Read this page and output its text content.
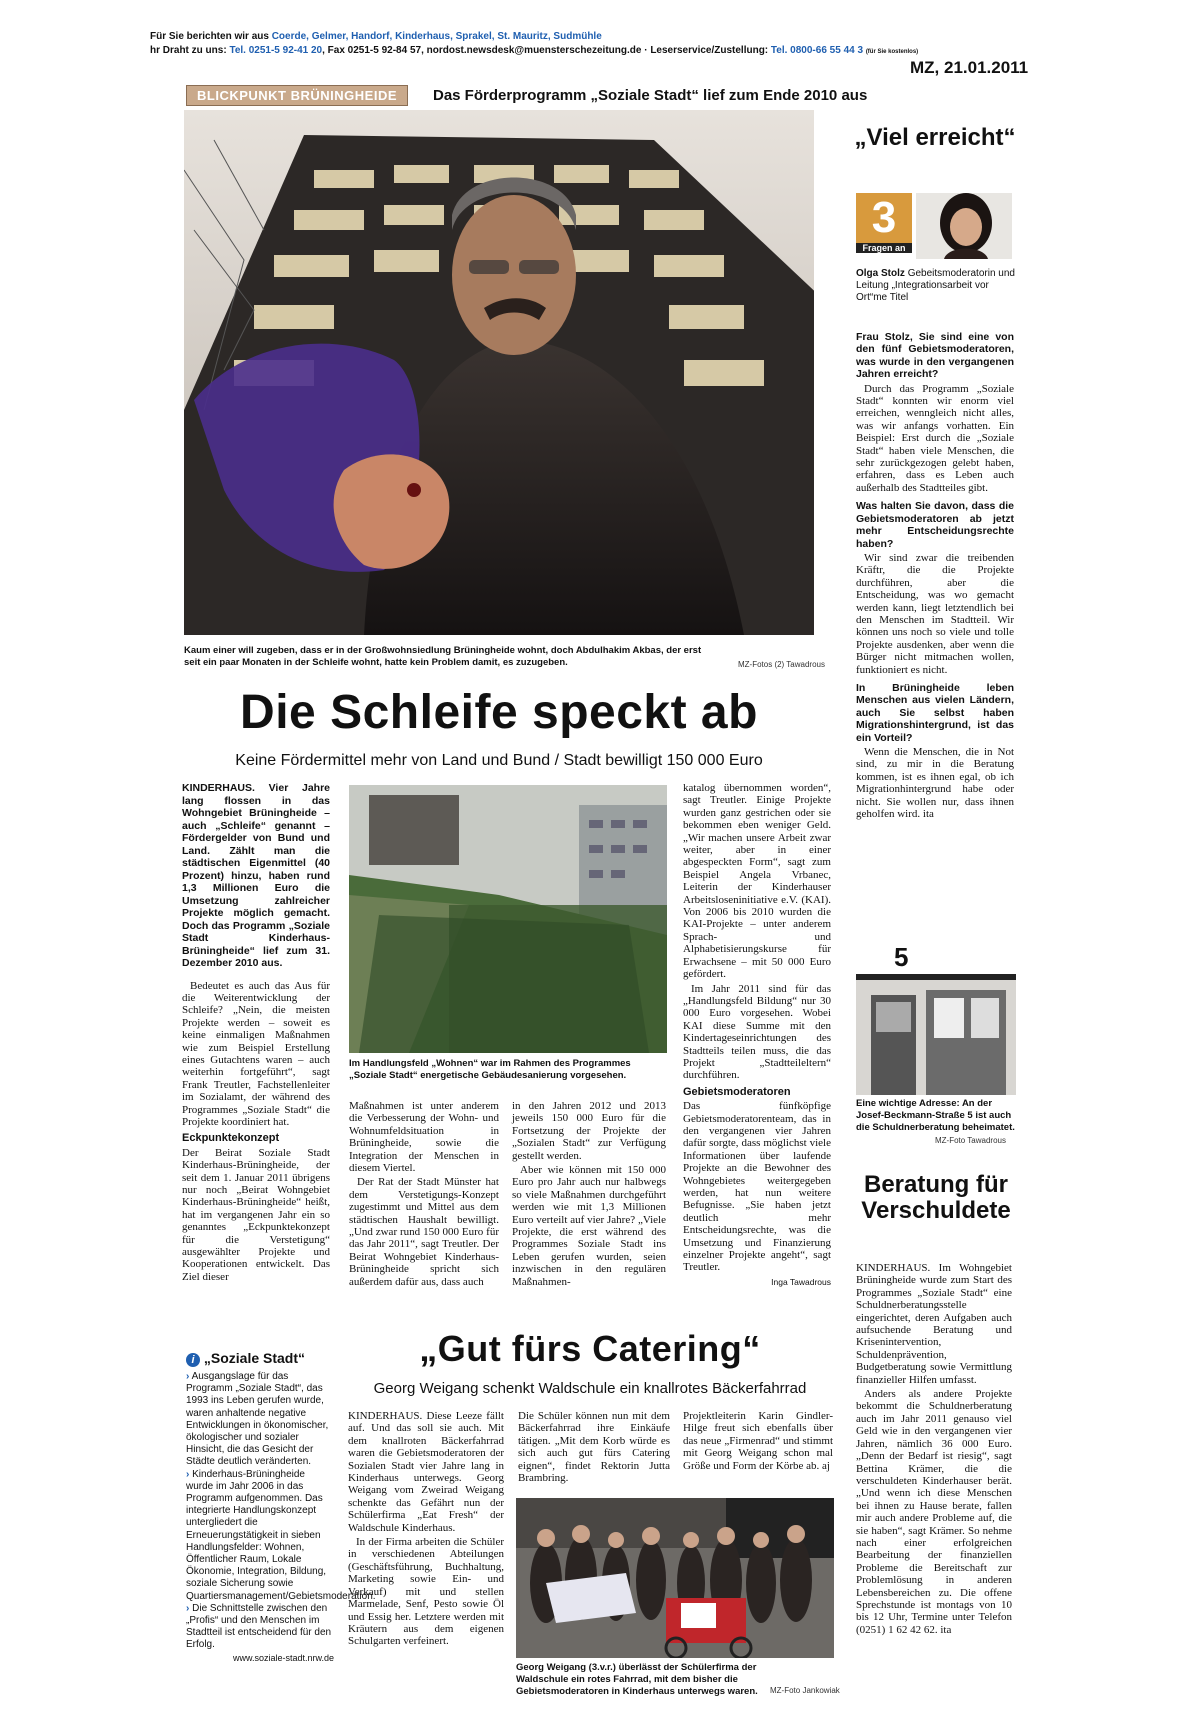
Für Sie berichten wir aus Coerde, Gelmer, Handorf, Kinderhaus, Sprakel, St. Mauritz, Sudmühle
hr Draht zu uns: Tel. 0251-5 92-41 20, Fax 0251-5 92-84 57, nordost.newsdesk@muensterschezeitung.de · Leserservice/Zustellung: Tel. 0800-66 55 44 3 (für Sie kostenlos)
MZ, 21.01.2011
BLICKPUNKT BRÜNINGHEIDE	Das Förderprogramm „Soziale Stadt“ lief zum Ende 2010 aus
Kaum einer will zugeben, dass er in der Großwohnsiedlung Brüningheide wohnt, doch Abdulhakim Akbas, der erst seit ein paar Monaten in der Schleife wohnt, hatte kein Problem damit, es zuzugeben.	MZ-Fotos (2) Tawadrous
Die Schleife speckt ab
Keine Fördermittel mehr von Land und Bund / Stadt bewilligt 150 000 Euro
KINDERHAUS. Vier Jahre lang flossen in das Wohngebiet Brüningheide – auch „Schleife“ genannt – Fördergelder von Bund und Land. Zählt man die städtischen Eigenmittel (40 Prozent) hinzu, haben rund 1,3 Millionen Euro die Umsetzung zahlreicher Projekte möglich gemacht. Doch das Programm „Soziale Stadt Kinderhaus-Brüningheide“ lief zum 31. Dezember 2010 aus.

Bedeutet es auch das Aus für die Weiterentwicklung der Schleife? „Nein, die meisten Projekte werden – soweit es keine einmaligen Maßnahmen wie zum Beispiel Erstellung eines Gutachtens waren – auch weiterhin fortgeführt“, sagt Frank Treutler, Fachstellenleiter im Sozialamt, der während des Programmes „Soziale Stadt“ die Projekte koordiniert hat.

Eckpunktekonzept

Der Beirat Soziale Stadt Kinderhaus-Brüningheide, der seit dem 1. Januar 2011 übrigens nur noch „Beirat Wohngebiet Kinderhaus-Brüningheide“ heißt, hat im vergangenen Jahr ein so genanntes „Eckpunktekonzept für die Verstetigung“ ausgewählter Projekte und Kooperationen entwickelt. Das Ziel dieser

Im Handlungsfeld „Wohnen“ war im Rahmen des Programmes „Soziale Stadt“ energetische Gebäudesanierung vorgesehen.

Maßnahmen ist unter anderem die Verbesserung der Wohn- und Wohnumfeldsituation in Brüningheide, sowie die Integration der Menschen in diesem Viertel.

Der Rat der Stadt Münster hat dem Verstetigungs-Konzept zugestimmt und Mittel aus dem städtischen Haushalt bewilligt. „Und zwar rund 150 000 Euro für das Jahr 2011“, sagt Treutler. Der Beirat Wohngebiet Kinderhaus-Brüningheide spricht sich außerdem dafür aus, dass auch

in den Jahren 2012 und 2013 jeweils 150 000 Euro für die Fortsetzung der Projekte der „Sozialen Stadt“ zur Verfügung gestellt werden.

Aber wie können mit 150 000 Euro pro Jahr auch nur halbwegs so viele Maßnahmen durchgeführt werden wie mit 1,3 Millionen Euro verteilt auf vier Jahre? „Viele Projekte, die erst während des Programmes Soziale Stadt ins Leben gerufen wurden, seien inzwischen in den regulären Maßnahmen-

katalog übernommen worden“, sagt Treutler. Einige Projekte wurden ganz gestrichen oder sie bekommen eben weniger Geld. „Wir machen unsere Arbeit zwar weiter, aber in einer abgespeckten Form“, sagt zum Beispiel Angela Vrbanec, Leiterin der Kinderhauser Arbeitsloseninitiative e.V. (KAI). Von 2006 bis 2010 wurden die KAI-Projekte – unter anderem Sprach- und Alphabetisierungskurse für Erwachsene – mit 50 000 Euro gefördert.

Im Jahr 2011 sind für das „Handlungsfeld Bildung“ nur 30 000 Euro vorgesehen. Wobei KAI diese Summe mit den Kindertageseinrichtungen des Stadtteils teilen muss, die das Projekt „Stadtteileltern“ durchführen.

Gebietsmoderatoren

Das fünfköpfige Gebietsmoderatorenteam, das in den vergangenen vier Jahren dafür sorgte, dass möglichst viele Informationen über laufende Projekte an die Bewohner des Wohngebietes weitergegeben werden, hat nun weitere Befugnisse. „Sie haben jetzt deutlich mehr Entscheidungsrechte, was die Umsetzung und Finanzierung einzelner Projekte angeht“, sagt Treutler.

Inga Tawadrous
„Viel erreicht“
3
Fragen an
Olga Stolz Gebeitsmoderatorin und Leitung „Integrationsarbeit vor Ort“me Titel
Frau Stolz, Sie sind eine von den fünf Gebietsmoderatoren, was wurde in den vergangenen Jahren erreicht?

Durch das Programm „Soziale Stadt“ konnten wir enorm viel erreichen, wenngleich nicht alles, was wir anfangs vorhatten. Ein Beispiel: Erst durch die „Soziale Stadt“ haben viele Menschen, die sehr zurückgezogen gelebt haben, erfahren, dass es Leben auch außerhalb des Stadtteiles gibt.

Was halten Sie davon, dass die Gebietsmoderatoren ab jetzt mehr Entscheidungsrechte haben?

Wir sind zwar die treibenden Kräftr, die die Projekte durchführen, aber die Entscheidung, was wo gemacht werden kann, liegt letztendlich bei den Menschen im Stadtteil. Wir können uns noch so viele und tolle Projekte ausdenken, aber wenn die Bürger nicht mitmachen wollen, funktioniert es nicht.

In Brüningheide leben Menschen aus vielen Ländern, auch Sie selbst haben Migrationshintergrund, ist das ein Vorteil?

Wenn die Menschen, die in Not sind, zu mir in die Beratung kommen, ist es ihnen egal, ob ich Migrationhintergrund habe oder nicht. Sie wollen nur, dass ihnen geholfen wird. ita

5
Eine wichtige Adresse: An der Josef-Beckmann-Straße 5 ist auch die Schuldnerberatung beheimatet.
MZ-Foto Tawadrous
Beratung für Verschuldete

KINDERHAUS. Im Wohngebiet Brüningheide wurde zum Start des Programmes „Soziale Stadt“ eine Schuldnerberatungsstelle eingerichtet, deren Aufgaben auch aufsuchende Beratung und Krisenintervention, Schuldenprävention, Budgetberatung sowie Vermittlung finanzieller Hilfen umfasst.

Anders als andere Projekte bekommt die Schuldnerberatung auch im Jahr 2011 genauso viel Geld wie in den vergangenen vier Jahren, nämlich 36 000 Euro. „Denn der Bedarf ist riesig“, sagt Bettina Krämer, die die verschuldeten Kinderhauser berät. „Und wenn ich diese Menschen bei ihnen zu Hause berate, fallen mir auch andere Probleme auf, die sie haben“, sagt Krämer. So nehme nach einer erfolgreichen Bearbeitung der finanziellen Probleme die Bereitschaft zur Problemlösung in anderen Lebensbereichen zu. Die offene Sprechstunde ist montags von 10 bis 12 Uhr, Termine unter Telefon (0251) 1 62 42 62. ita

i „Soziale Stadt“
› Ausgangslage für das Programm „Soziale Stadt“, das 1993 ins Leben gerufen wurde, waren anhaltende negative Entwicklungen in ökonomischer, ökologischer und sozialer Hinsicht, die das Gesicht der Städte deutlich veränderten.
› Kinderhaus-Brüningheide wurde im Jahr 2006 in das Programm aufgenommen. Das integrierte Handlungskonzept untergliedert die Erneuerungstätigkeit in sieben Handlungsfelder: Wohnen, Öffentlicher Raum, Lokale Ökonomie, Integration, Bildung, soziale Sicherung sowie Quartiersmanagement/Gebietsmoderation.
› Die Schnittstelle zwischen den „Profis“ und den Menschen im Stadtteil ist entscheidend für den Erfolg.
www.soziale-stadt.nrw.de
„Gut fürs Catering“
Georg Weigang schenkt Waldschule ein knallrotes Bäckerfahrrad

KINDERHAUS. Diese Leeze fällt auf. Und das soll sie auch. Mit dem knallroten Bäckerfahrrad waren die Gebietsmoderatoren der Sozialen Stadt vier Jahre lang in Kinderhaus unterwegs. Georg Weigang vom Zweirad Weigang schenkte das Gefährt nun der Schülerfirma „Eat Fresh“ der Waldschule Kinderhaus.

In der Firma arbeiten die Schüler in verschiedenen Abteilungen (Geschäftsführung, Buchhaltung, Marketing sowie Ein- und Verkauf) mit und stellen Marmelade, Senf, Pesto sowie Öl und Essig her. Letztere werden mit Kräutern aus dem eigenen Schulgarten verfeinert.

Die Schüler können nun mit dem Bäckerfahrrad ihre Einkäufe tätigen. „Mit dem Korb würde es sich auch gut fürs Catering eignen“, findet Rektorin Jutta Brambring.

Projektleiterin Karin Gindler-Hilge freut sich ebenfalls über das neue „Firmenrad“ und stimmt mit Georg Weigang schon mal Größe und Form der Körbe ab. aj

Georg Weigang (3.v.r.) überlässt der Schülerfirma der Waldschule ein rotes Fahrrad, mit dem bisher die Gebietsmoderatoren in Kinderhaus unterwegs waren.	MZ-Foto Jankowiak
